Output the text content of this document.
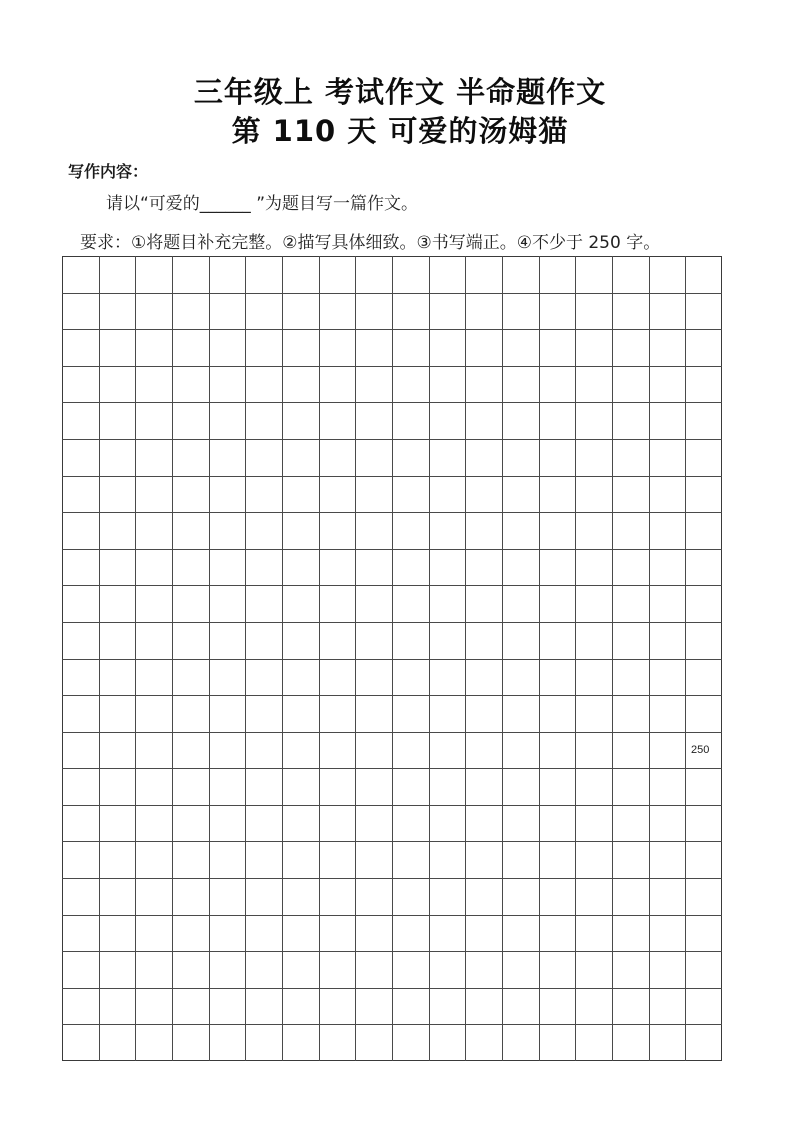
三年级上 考试作文 半命题作文
第 110 天 可爱的汤姆猫
写作内容：
请以“可爱的______ ”为题目写一篇作文。
要求：①将题目补充完整。②描写具体细致。③书写端正。④不少于 250 字。
250
